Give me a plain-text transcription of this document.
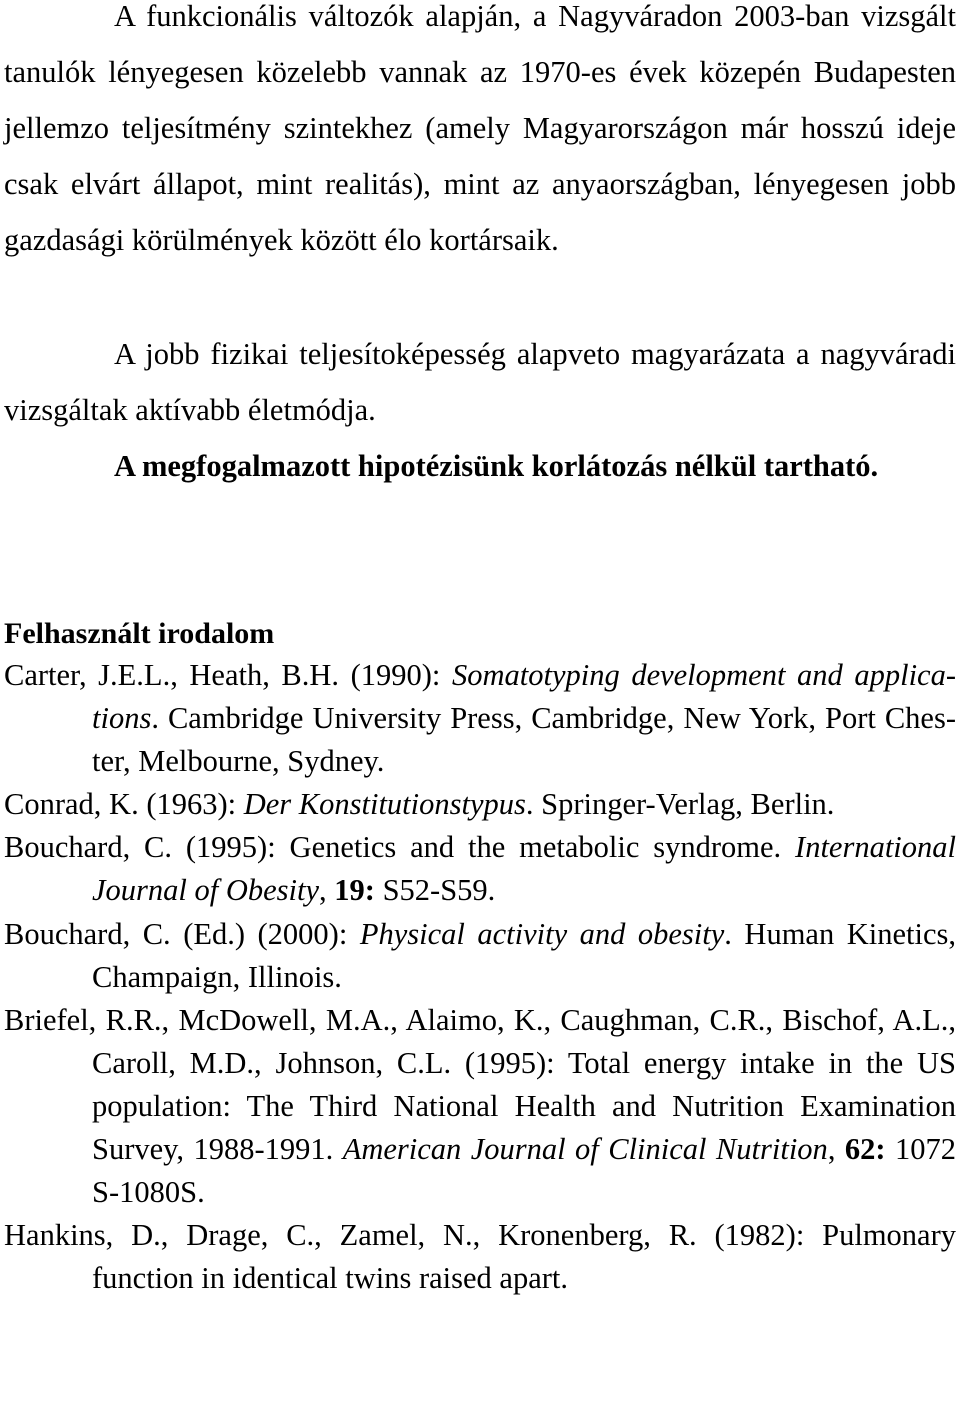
A funkcionális változók alapján, a Nagyváradon 2003-ban vizsgált tanulók lényegesen közelebb vannak az 1970-es évek közepén Budapesten jellemzo teljesítmény szintekhez (amely Magyarországon már hosszú ideje csak elvárt állapot, mint realitás), mint az anyaországban, lényegesen jobb gazdasági körülmények között élo kortársaik.

A jobb fizikai teljesítoképesség alapveto magyarázata a nagyváradi vizsgáltak aktívabb életmódja.

A megfogalmazott hipotézisünk korlátozás nélkül tartható.

Felhasznált irodalom

Carter, J.E.L., Heath, B.H. (1990): Somatotyping development and applica-tions. Cambridge University Press, Cambridge, New York, Port Ches-ter, Melbourne, Sydney.

Conrad, K. (1963): Der Konstitutionstypus. Springer-Verlag, Berlin.

Bouchard, C. (1995): Genetics and the metabolic syndrome. International Journal of Obesity, 19: S52-S59.

Bouchard, C. (Ed.) (2000): Physical activity and obesity. Human Kinetics, Champaign, Illinois.

Briefel, R.R., McDowell, M.A., Alaimo, K., Caughman, C.R., Bischof, A.L., Caroll, M.D., Johnson, C.L. (1995): Total energy intake in the US population: The Third National Health and Nutrition Examination Survey, 1988-1991. American Journal of Clinical Nutrition, 62: 1072 S-1080S.

Hankins, D., Drage, C., Zamel, N., Kronenberg, R. (1982): Pulmonary function in identical twins raised apart.
